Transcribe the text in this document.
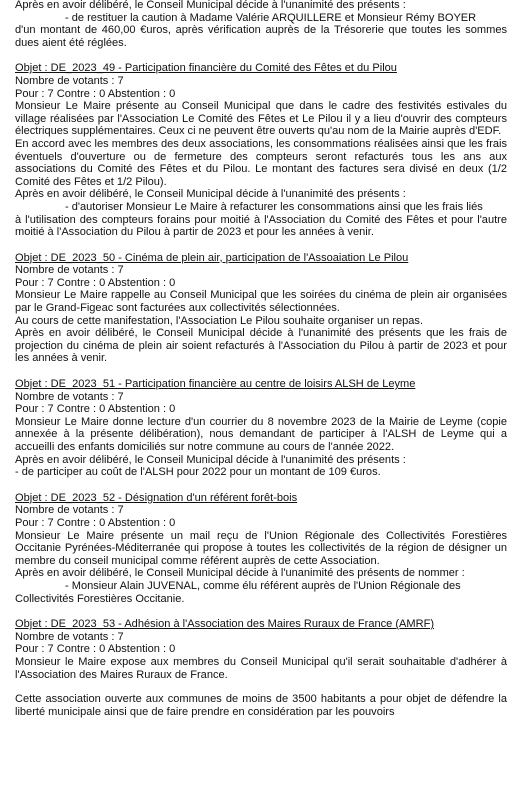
Après en avoir délibéré, le Conseil Municipal décide à l'unanimité des présents :

- de restituer la caution à Madame Valérie ARQUILLERE et Monsieur Rémy BOYER

d'un montant de 460,00 €uros, après vérification auprès de la Trésorerie que toutes les sommes dues aient été réglées.

Objet : DE_2023_49 - Participation financière du Comité des Fêtes et du Pilou

Nombre de votants : 7

Pour : 7 Contre : 0 Abstention : 0

Monsieur Le Maire présente au Conseil Municipal que dans le cadre des festivités estivales du village réalisées par l'Association Le Comité des Fêtes et Le Pilou il y a lieu d'ouvrir des compteurs électriques supplémentaires. Ceux ci ne peuvent être ouverts qu'au nom de la Mairie auprès d'EDF.

En accord avec les membres des deux associations, les consommations réalisées ainsi que les frais éventuels d'ouverture ou de fermeture des compteurs seront refacturés tous les ans aux associations du Comité des Fêtes et du Pilou. Le montant des factures sera divisé en deux (1/2 Comité des Fêtes et 1/2 Pilou).

Après en avoir délibéré, le Conseil Municipal décide à l'unanimité des présents :

- d'autoriser Monsieur Le Maire à refacturer les consommations ainsi que les frais liés

à l'utilisation des compteurs forains pour moitié à l'Association du Comité des Fêtes et pour l'autre moitié à l'Association du Pilou à partir de 2023 et pour les années à venir.

Objet : DE_2023_50 - Cinéma de plein air, participation de l'Assoaiation Le Pilou

Nombre de votants : 7

Pour : 7 Contre : 0 Abstention : 0

Monsieur Le Maire rappelle au Conseil Municipal que les soirées du cinéma de plein air organisées par le Grand-Figeac sont facturées aux collectivités sélectionnées.

Au cours de cette manifestation, l'Association Le Pilou souhaite organiser un repas.

Après en avoir délibéré, le Conseil Municipal décide à l'unanimité des présents que les frais de projection du cinéma de plein air soient refacturés à l'Association du Pilou à partir de 2023 et pour les années à venir.

Objet : DE_2023_51 - Participation financière au centre de loisirs ALSH de Leyme

Nombre de votants : 7

Pour : 7 Contre : 0 Abstention : 0

Monsieur Le Maire donne lecture d'un courrier du 8 novembre 2023 de la Mairie de Leyme (copie annexée à la présente délibération), nous demandant de participer à l'ALSH de Leyme qui a accueilli des enfants domiciliés sur notre commune au cours de l'année 2022.

Après en avoir délibéré, le Conseil Municipal décide à l'unanimité des présents :

- de participer au coût de l'ALSH pour 2022 pour un montant de 109 €uros.

Objet : DE_2023_52 - Désignation d'un référent forêt-bois

Nombre de votants : 7

Pour : 7 Contre : 0 Abstention : 0

Monsieur Le Maire présente un mail reçu de l'Union Régionale des Collectivités Forestières Occitanie Pyrénées-Méditerranée qui propose à toutes les collectivités de la région de désigner un membre du conseil municipal comme référent auprès de cette Association.

Après en avoir délibéré, le Conseil Municipal décide à l'unanimité des présents de nommer :

- Monsieur Alain JUVENAL, comme élu référent auprès de l'Union Régionale des

Collectivités Forestières Occitanie.

Objet : DE_2023_53 - Adhésion à l'Association des Maires Ruraux de France (AMRF)

Nombre de votants : 7

Pour : 7 Contre : 0 Abstention : 0

Monsieur le Maire expose aux membres du Conseil Municipal qu'il serait souhaitable d'adhérer à l'Association des Maires Ruraux de France.

Cette association ouverte aux communes de moins de 3500 habitants a pour objet de défendre la liberté municipale ainsi que de faire prendre en considération par les pouvoirs
